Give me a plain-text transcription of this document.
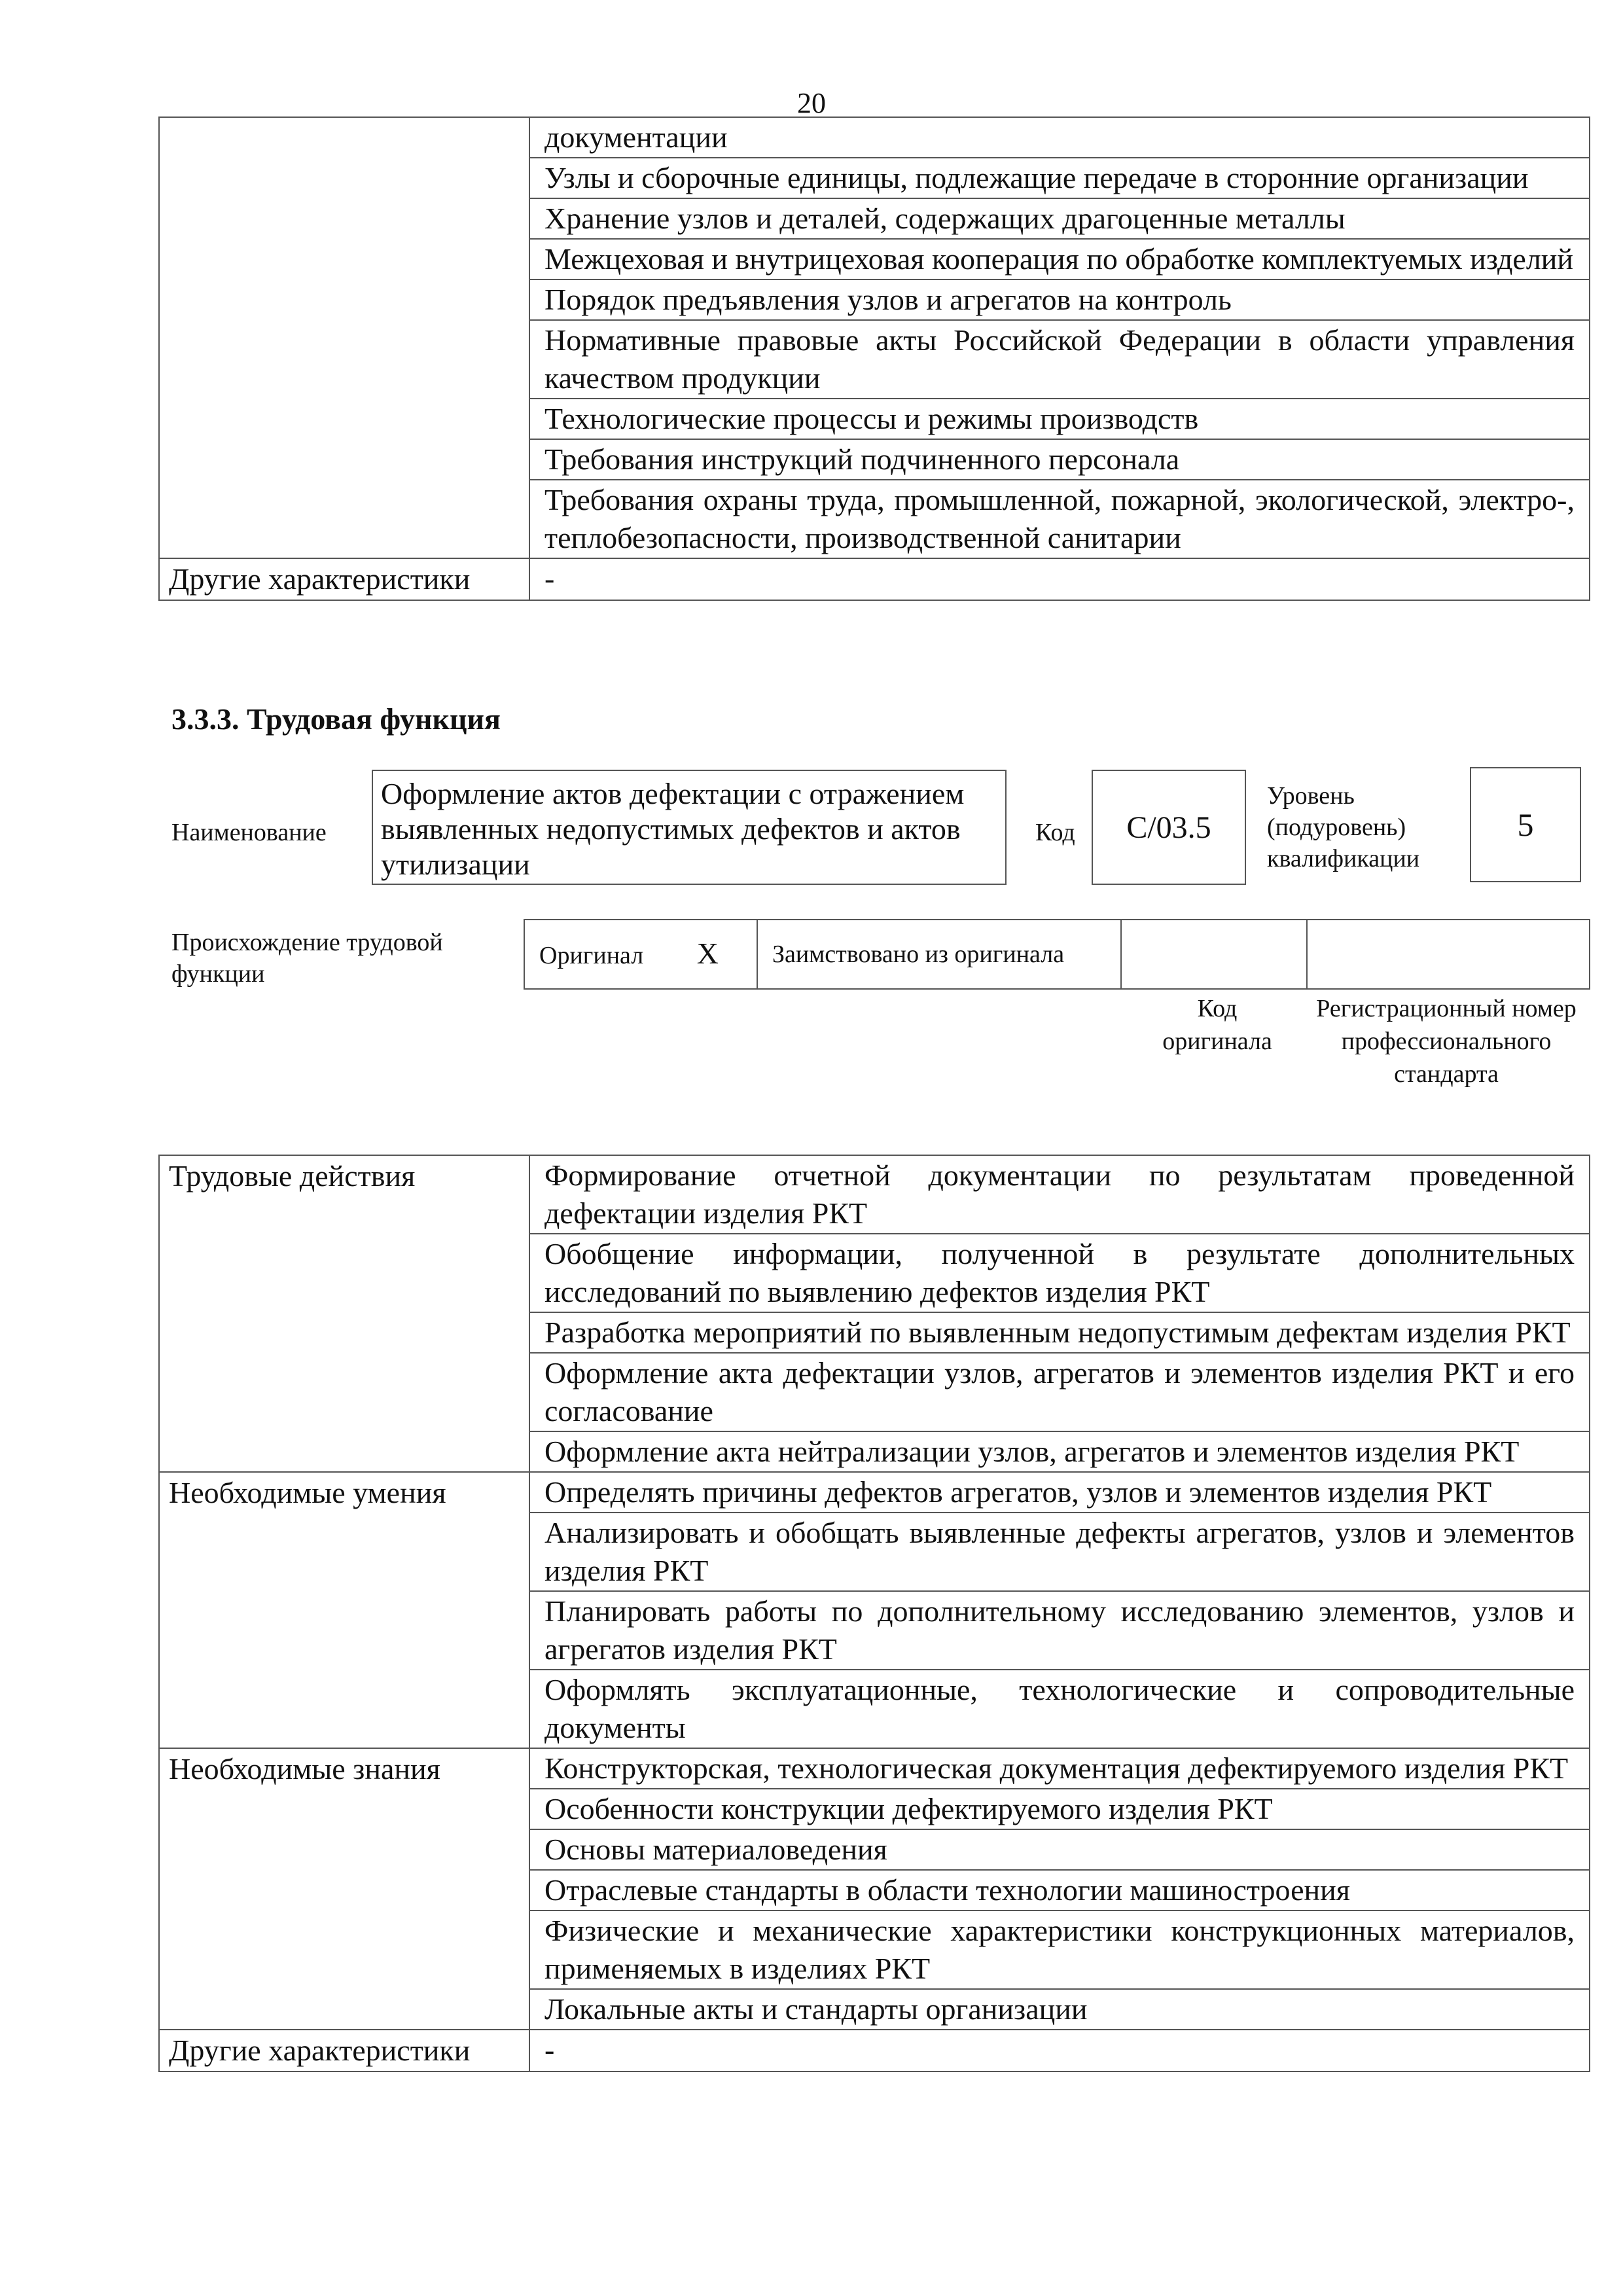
20
	документации
	Узлы и сборочные единицы, подлежащие передаче в сторонние организации
	Хранение узлов и деталей, содержащих драгоценные металлы
	Межцеховая и внутрицеховая кооперация по обработке комплектуемых изделий
	Порядок предъявления узлов и агрегатов на контроль
	Нормативные правовые акты Российской Федерации в области управления качеством продукции
	Технологические процессы и режимы производств
	Требования инструкций подчиненного персонала
	Требования охраны труда, промышленной, пожарной, экологической, электро-, теплобезопасности, производственной санитарии
Другие характеристики	-
3.3.3. Трудовая функция
Наименование
Оформление актов дефектации с отражением выявленных недопустимых дефектов и актов утилизации
Код C/03.5
Уровень (подуровень) квалификации
5
Происхождение трудовой функции
Оригинал X	Заимствовано из оригинала		
Код оригинала
Регистрационный номер профессионального стандарта
Трудовые действия	Формирование отчетной документации по результатам проведенной дефектации изделия РКТ
	Обобщение информации, полученной в результате дополнительных исследований по выявлению дефектов изделия РКТ
	Разработка мероприятий по выявленным недопустимым дефектам изделия РКТ
	Оформление акта дефектации узлов, агрегатов и элементов изделия РКТ и его согласование
	Оформление акта нейтрализации узлов, агрегатов и элементов изделия РКТ
Необходимые умения	Определять причины дефектов агрегатов, узлов и элементов изделия РКТ
	Анализировать и обобщать выявленные дефекты агрегатов, узлов и элементов изделия РКТ
	Планировать работы по дополнительному исследованию элементов, узлов и агрегатов изделия РКТ
	Оформлять эксплуатационные, технологические и сопроводительные документы
Необходимые знания	Конструкторская, технологическая документация дефектируемого изделия РКТ
	Особенности конструкции дефектируемого изделия РКТ
	Основы материаловедения
	Отраслевые стандарты в области технологии машиностроения
	Физические и механические характеристики конструкционных материалов, применяемых в изделиях РКТ
	Локальные акты и стандарты организации
Другие характеристики	-
